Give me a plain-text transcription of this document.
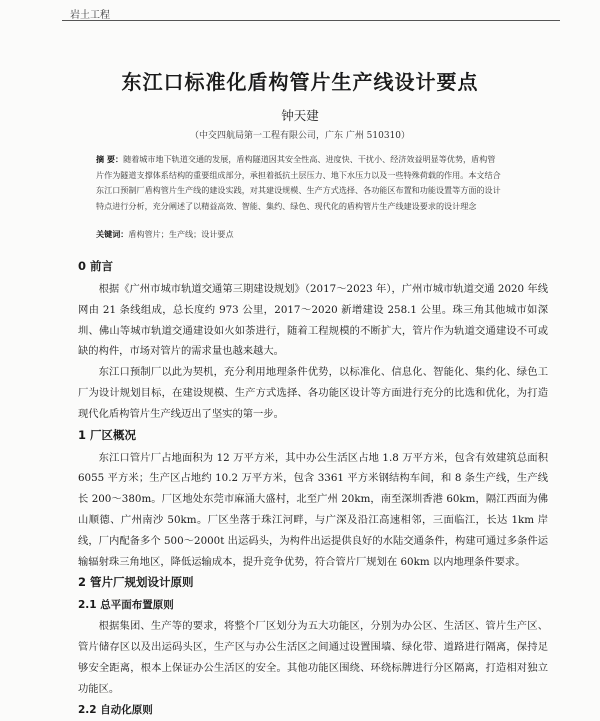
岩土工程
东江口标准化盾构管片生产线设计要点
钟天建
（中交四航局第一工程有限公司，广东 广州 510310）
摘 要：随着城市地下轨道交通的发展，盾构隧道因其安全性高、进度快、干扰小、经济效益明显等优势，盾构管片作为隧道支撑体系结构的重要组成部分，承担着抵抗土层压力、地下水压力以及一些特殊荷载的作用。本文结合东江口预制厂盾构管片生产线的建设实践，对其建设规模、生产方式选择、各功能区布置和功能设置等方面的设计特点进行分析，充分阐述了以精益高效、智能、集约、绿色、现代化的盾构管片生产线建设要求的设计理念
关键词：盾构管片；生产线；设计要点
0 前言

根据《广州市城市轨道交通第三期建设规划》（2017～2023 年），广州市城市轨道交通 2020 年线网由 21 条线组成，总长度约 973 公里，2017～2020 新增建设 258.1 公里。珠三角其他城市如深圳、佛山等城市轨道交通建设如火如荼进行，随着工程规模的不断扩大，管片作为轨道交通建设不可或缺的构件，市场对管片的需求量也越来越大。

东江口预制厂以此为契机，充分利用地理条件优势，以标准化、信息化、智能化、集约化、绿色工厂为设计规划目标，在建设规模、生产方式选择、各功能区设计等方面进行充分的比选和优化，为打造现代化盾构管片生产线迈出了坚实的第一步。

1 厂区概况

东江口管片厂占地面积为 12 万平方米，其中办公生活区占地 1.8 万平方米，包含有效建筑总面积 6055 平方米；生产区占地约 10.2 万平方米，包含 3361 平方米钢结构车间，和 8 条生产线，生产线长 200～380m。厂区地处东莞市麻涌大盛村，北至广州 20km，南至深圳香港 60km，隔江西面为佛山顺德、广州南沙 50km。厂区坐落于珠江河畔，与广深及沿江高速相邻，三面临江，长达 1km 岸线，厂内配备多个 500～2000t 出运码头，为构件出运提供良好的水陆交通条件，构建可通过多条件运输辐射珠三角地区，降低运输成本，提升竞争优势，符合管片厂规划在 60km 以内地理条件要求。

2 管片厂规划设计原则
2.1 总平面布置原则

根据集团、生产等的要求，将整个厂区划分为五大功能区，分别为办公区、生活区、管片生产区、管片储存区以及出运码头区，生产区与办公生活区之间通过设置围墙、绿化带、道路进行隔离，保持足够安全距离，根本上保证办公生活区的安全。其他功能区围绕、环绕标牌进行分区隔离，打造相对独立功能区。

2.2 自动化原则
